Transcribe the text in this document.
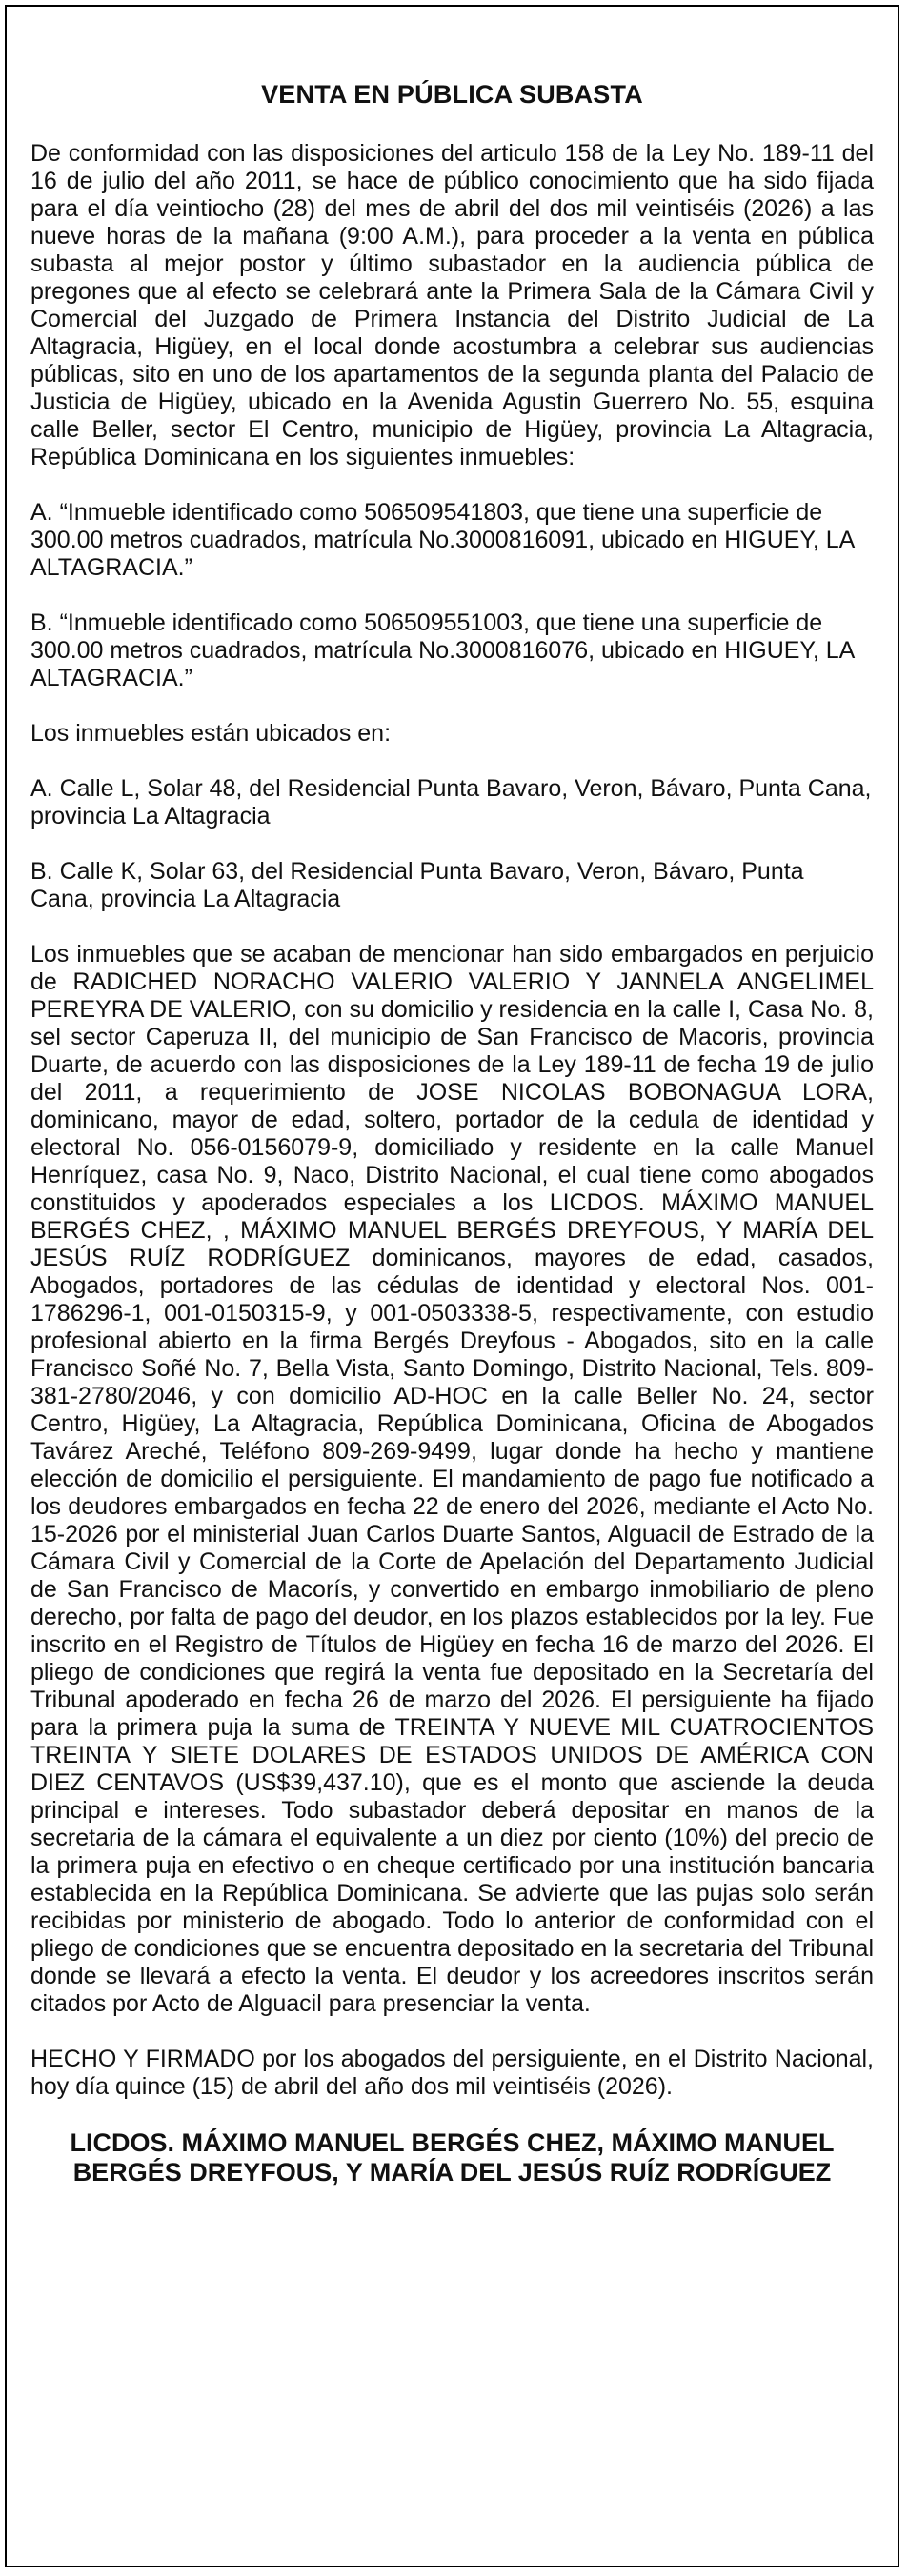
VENTA EN PÚBLICA SUBASTA

De conformidad con las disposiciones del articulo 158 de la Ley No. 189-11 del 16 de julio del año 2011, se hace de público conocimiento que ha sido fijada para el día veintiocho (28) del mes de abril del dos mil veintiséis (2026) a las nueve horas de la mañana (9:00 A.M.), para proceder a la venta en pública subasta al mejor postor y último subastador en la audiencia pública de pregones que al efecto se celebrará ante la Primera Sala de la Cámara Civil y Comercial del Juzgado de Primera Instancia del Distrito Judicial de La Altagracia, Higüey, en el local donde acostumbra a celebrar sus audiencias públicas, sito en uno de los apartamentos de la segunda planta del Palacio de Justicia de Higüey, ubicado en la Avenida Agustin Guerrero No. 55, esquina calle Beller, sector El Centro, municipio de Higüey, provincia La Altagracia, República Dominicana en los siguientes inmuebles:

A. “Inmueble identificado como 506509541803, que tiene una superficie de 300.00 metros cuadrados, matrícula No.3000816091, ubicado en HIGUEY, LA ALTAGRACIA.”

B. “Inmueble identificado como 506509551003, que tiene una superficie de 300.00 metros cuadrados, matrícula No.3000816076, ubicado en HIGUEY, LA ALTAGRACIA.”

Los inmuebles están ubicados en:

A. Calle L, Solar 48, del Residencial Punta Bavaro, Veron, Bávaro, Punta Cana, provincia La Altagracia

B. Calle K, Solar 63, del Residencial Punta Bavaro, Veron, Bávaro, Punta Cana, provincia La Altagracia

Los inmuebles que se acaban de mencionar han sido embargados en perjuicio de RADICHED NORACHO VALERIO VALERIO Y JANNELA ANGELIMEL PEREYRA DE VALERIO, con su domicilio y residencia en la calle I, Casa No. 8, sel sector Caperuza II, del municipio de San Francisco de Macoris, provincia Duarte, de acuerdo con las disposiciones de la Ley 189-11 de fecha 19 de julio del 2011, a requerimiento de JOSE NICOLAS BOBONAGUA LORA, dominicano, mayor de edad, soltero, portador de la cedula de identidad y electoral No. 056-0156079-9, domiciliado y residente en la calle Manuel Henríquez, casa No. 9, Naco, Distrito Nacional, el cual tiene como abogados constituidos y apoderados especiales a los LICDOS. MÁXIMO MANUEL BERGÉS CHEZ, , MÁXIMO MANUEL BERGÉS DREYFOUS, Y MARÍA DEL JESÚS RUÍZ RODRÍGUEZ dominicanos, mayores de edad, casados, Abogados, portadores de las cédulas de identidad y electoral Nos. 001-1786296-1, 001-0150315-9, y 001-0503338-5, respectivamente, con estudio profesional abierto en la firma Bergés Dreyfous - Abogados, sito en la calle Francisco Soñé No. 7, Bella Vista, Santo Domingo, Distrito Nacional, Tels. 809-381-2780/2046, y con domicilio AD-HOC en la calle Beller No. 24, sector Centro, Higüey, La Altagracia, República Dominicana, Oficina de Abogados Tavárez Areché, Teléfono 809-269-9499, lugar donde ha hecho y mantiene elección de domicilio el persiguiente. El mandamiento de pago fue notificado a los deudores embargados en fecha 22 de enero del 2026, mediante el Acto No. 15-2026 por el ministerial Juan Carlos Duarte Santos, Alguacil de Estrado de la Cámara Civil y Comercial de la Corte de Apelación del Departamento Judicial de San Francisco de Macorís, y convertido en embargo inmobiliario de pleno derecho, por falta de pago del deudor, en los plazos establecidos por la ley. Fue inscrito en el Registro de Títulos de Higüey en fecha 16 de marzo del 2026. El pliego de condiciones que regirá la venta fue depositado en la Secretaría del Tribunal apoderado en fecha 26 de marzo del 2026. El persiguiente ha fijado para la primera puja la suma de TREINTA Y NUEVE MIL CUATROCIENTOS TREINTA Y SIETE DOLARES DE ESTADOS UNIDOS DE AMÉRICA CON DIEZ CENTAVOS (US$39,437.10), que es el monto que asciende la deuda principal e intereses. Todo subastador deberá depositar en manos de la secretaria de la cámara el equivalente a un diez por ciento (10%) del precio de la primera puja en efectivo o en cheque certificado por una institución bancaria establecida en la República Dominicana. Se advierte que las pujas solo serán recibidas por ministerio de abogado. Todo lo anterior de conformidad con el pliego de condiciones que se encuentra depositado en la secretaria del Tribunal donde se llevará a efecto la venta. El deudor y los acreedores inscritos serán citados por Acto de Alguacil para presenciar la venta.

HECHO Y FIRMADO por los abogados del persiguiente, en el Distrito Nacional, hoy día quince (15) de abril del año dos mil veintiséis (2026).

LICDOS. MÁXIMO MANUEL BERGÉS CHEZ, MÁXIMO MANUEL BERGÉS DREYFOUS, Y MARÍA DEL JESÚS RUÍZ RODRÍGUEZ
